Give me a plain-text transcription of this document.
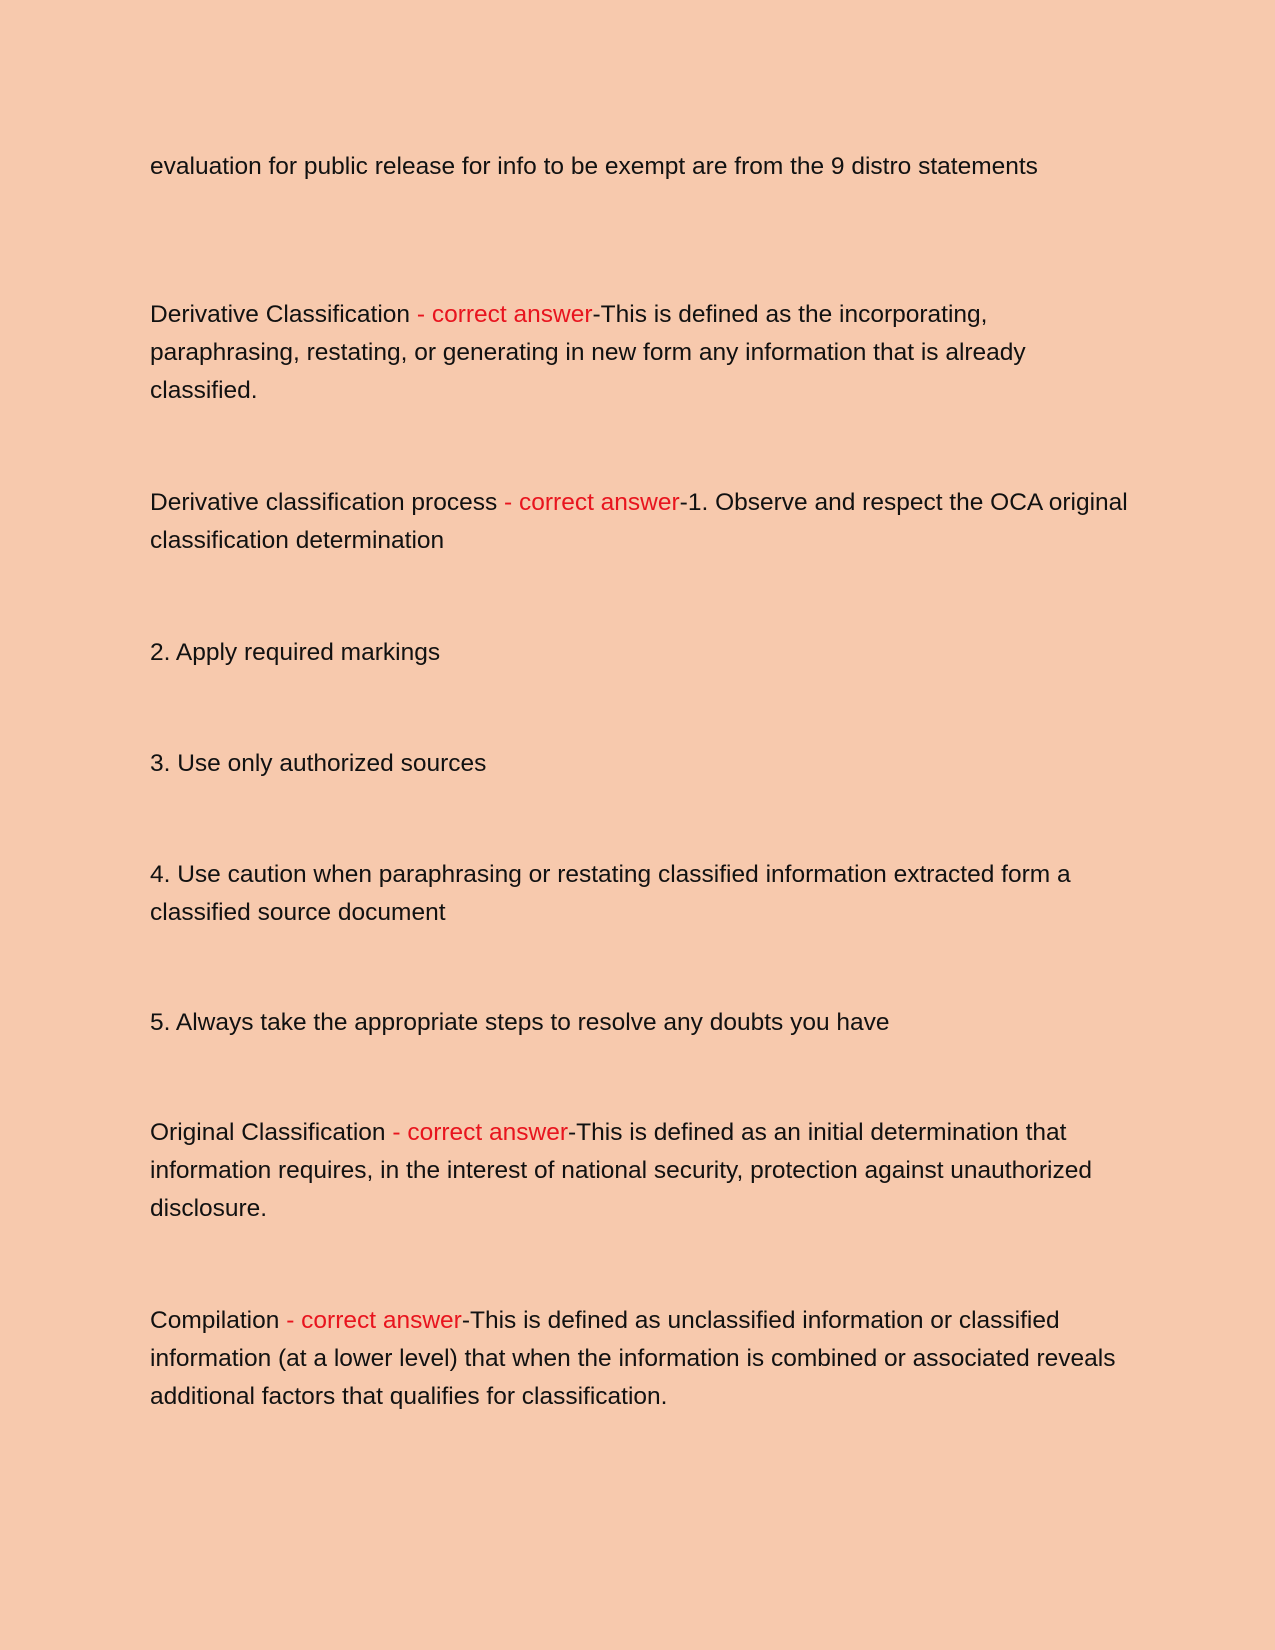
evaluation for public release for info to be exempt are from the 9 distro statements

Derivative Classification - correct answer-This is defined as the incorporating, paraphrasing, restating, or generating in new form any information that is already classified.

Derivative classification process - correct answer-1. Observe and respect the OCA original classification determination

2. Apply required markings

3. Use only authorized sources

4. Use caution when paraphrasing or restating classified information extracted form a classified source document

5. Always take the appropriate steps to resolve any doubts you have

Original Classification - correct answer-This is defined as an initial determination that information requires, in the interest of national security, protection against unauthorized disclosure.

Compilation - correct answer-This is defined as unclassified information or classified information (at a lower level) that when the information is combined or associated reveals additional factors that qualifies for classification.
